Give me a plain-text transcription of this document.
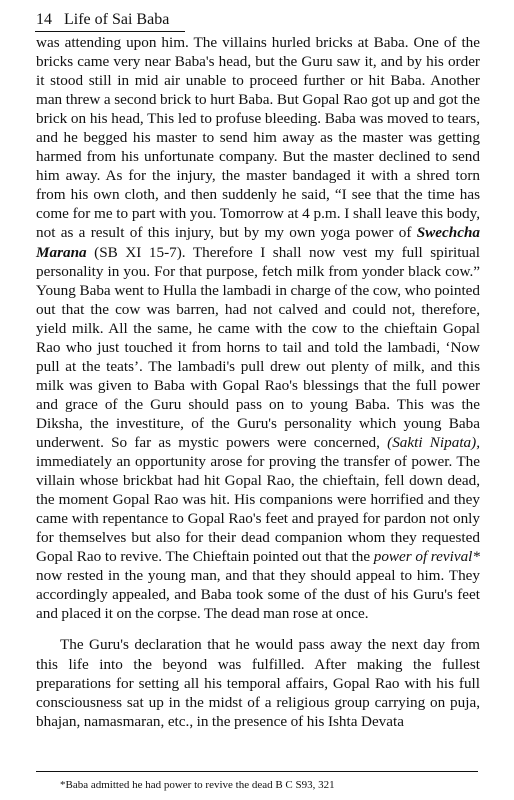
14 Life of Sai Baba

was attending upon him. The villains hurled bricks at Baba. One of the bricks came very near Baba's head, but the Guru saw it, and by his order it stood still in mid air unable to proceed further or hit Baba. Another man threw a second brick to hurt Baba. But Gopal Rao got up and got the brick on his head, This led to profuse bleeding. Baba was moved to tears, and he begged his master to send him away as the master was getting harmed from his unfortunate company. But the master declined to send him away. As for the injury, the master bandaged it with a shred torn from his own cloth, and then suddenly he said, “I see that the time has come for me to part with you. Tomorrow at 4 p.m. I shall leave this body, not as a result of this injury, but by my own yoga power of Swechcha Marana (SB XI 15-7). Therefore I shall now vest my full spiritual personality in you. For that purpose, fetch milk from yonder black cow.” Young Baba went to Hulla the lambadi in charge of the cow, who pointed out that the cow was barren, had not calved and could not, therefore, yield milk. All the same, he came with the cow to the chieftain Gopal Rao who just touched it from horns to tail and told the lambadi, ‘Now pull at the teats’. The lambadi's pull drew out plenty of milk, and this milk was given to Baba with Gopal Rao's blessings that the full power and grace of the Guru should pass on to young Baba. This was the Diksha, the investiture, of the Guru's personality which young Baba underwent. So far as mystic powers were concerned, (Sakti Nipata), immediately an opportunity arose for proving the transfer of power. The villain whose brickbat had hit Gopal Rao, the chieftain, fell down dead, the moment Gopal Rao was hit. His companions were horrified and they came with repentance to Gopal Rao's feet and prayed for pardon not only for themselves but also for their dead companion whom they requested Gopal Rao to revive. The Chieftain pointed out that the power of revival* now rested in the young man, and that they should appeal to him. They accordingly appealed, and Baba took some of the dust of his Guru's feet and placed it on the corpse. The dead man rose at once.

The Guru's declaration that he would pass away the next day from this life into the beyond was fulfilled. After making the fullest preparations for setting all his temporal affairs, Gopal Rao with his full consciousness sat up in the midst of a religious group carrying on puja, bhajan, namasmaran, etc., in the presence of his Ishta Devata

*Baba admitted he had power to revive the dead B C S93, 321
